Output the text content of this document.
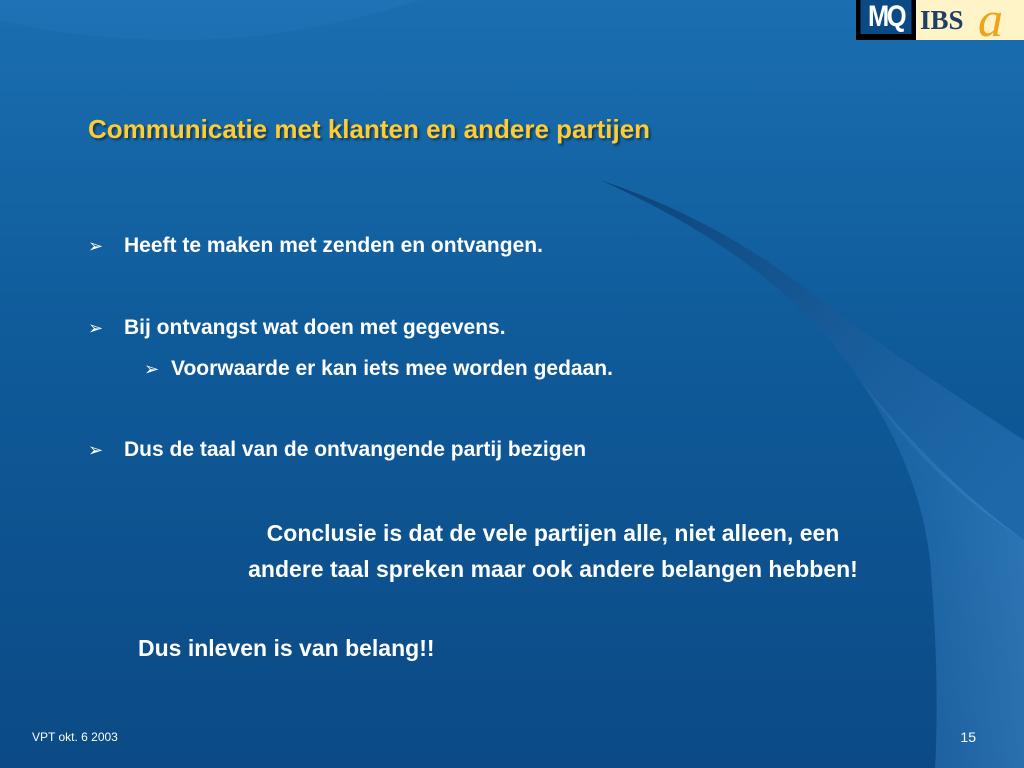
MQ IBS a
Communicatie met klanten en andere partijen
➢ Heeft te maken met zenden en ontvangen.
➢ Bij ontvangst wat doen met gegevens.
➢ Voorwaarde er kan iets mee worden gedaan.
➢ Dus de taal van de ontvangende partij bezigen
Conclusie is dat de vele partijen alle, niet alleen, een
andere taal spreken maar ook andere belangen hebben!
Dus inleven is van belang!!
VPT okt. 6 2003	15
